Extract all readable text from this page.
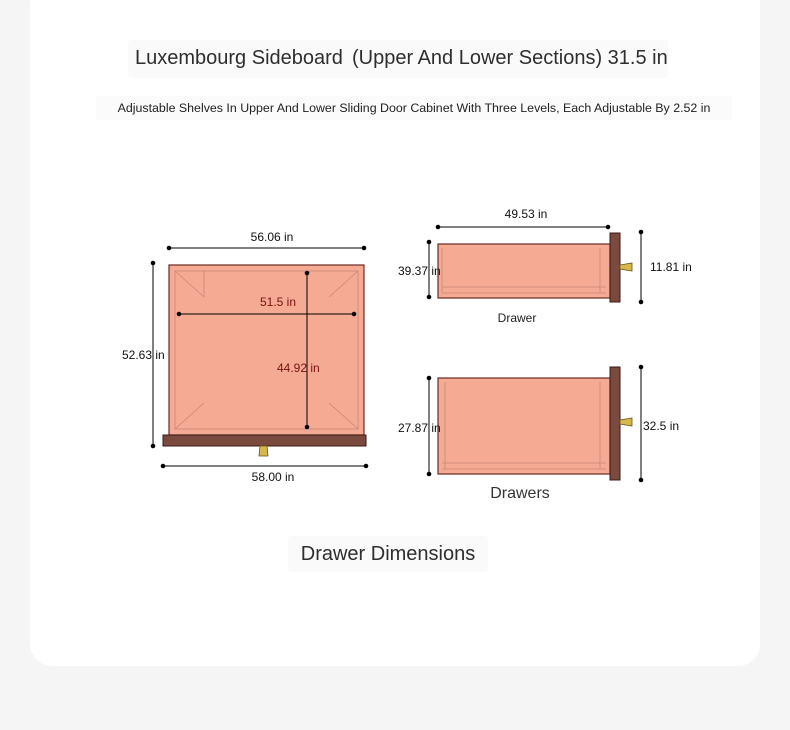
Luxembourg Sideboard (Upper And Lower Sections) 31.5 in
Adjustable Shelves In Upper And Lower Sliding Door Cabinet With Three Levels, Each Adjustable By 2.52 in
56.06 in
52.63 in
51.5 in
44.92 in
58.00 in
49.53 in
39.37 in	11.81 in
Drawer
27.87 in	32.5 in
Drawers
Drawer Dimensions
